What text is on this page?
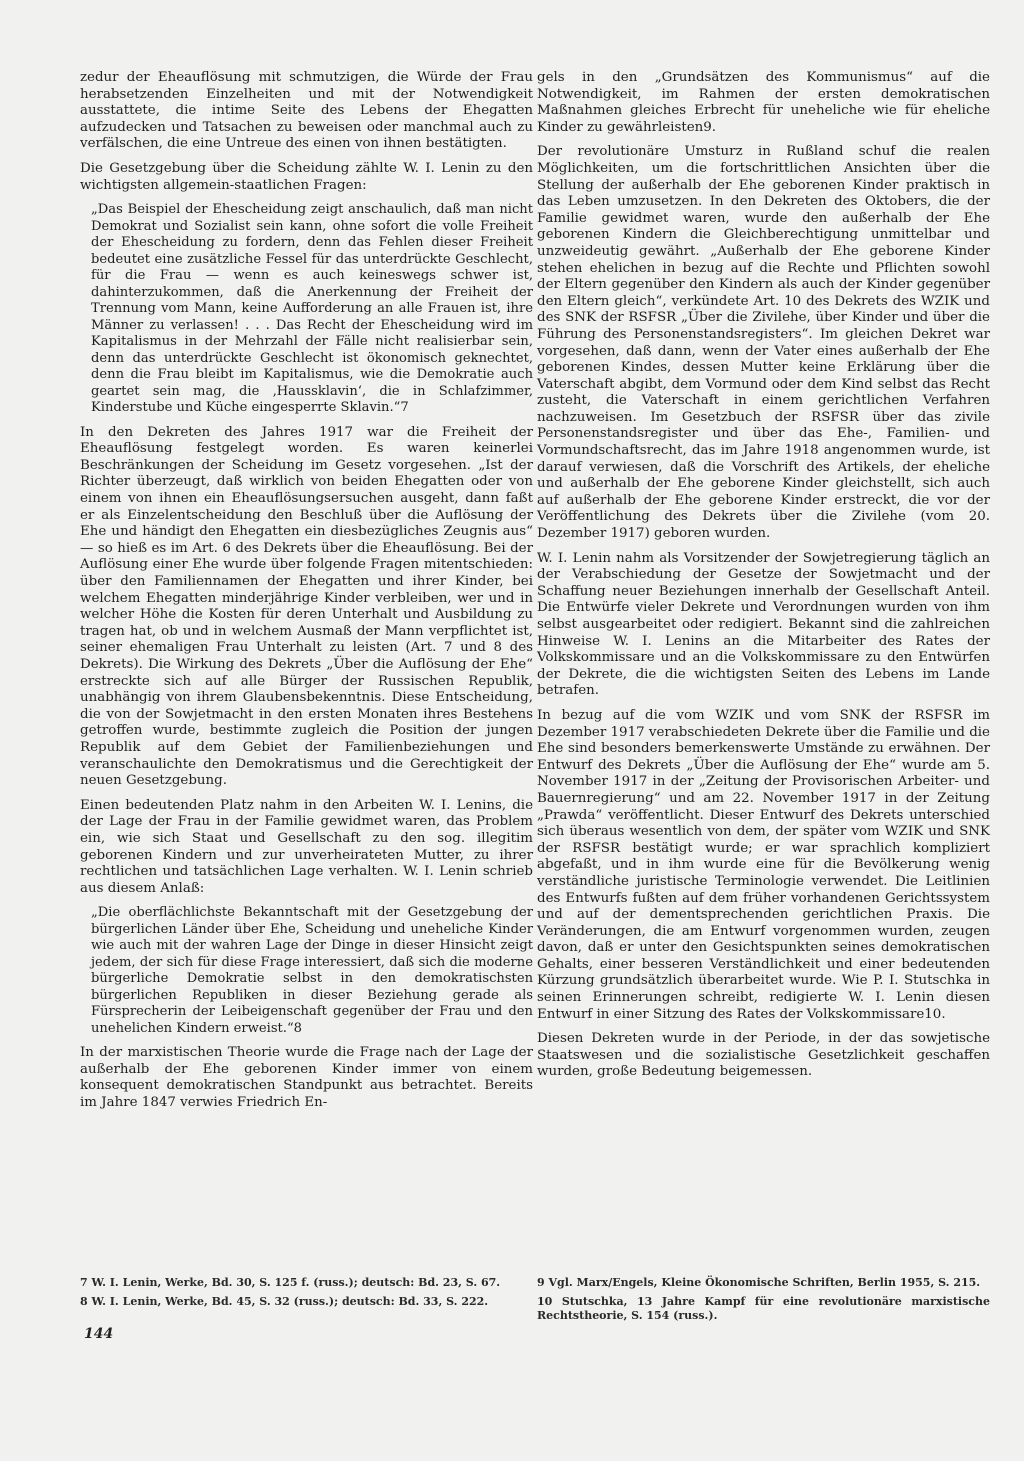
zedur der Eheauflösung mit schmutzigen, die Würde der Frau herabsetzenden Einzelheiten und mit der Notwendigkeit ausstattete, die intime Seite des Lebens der Ehegatten aufzudecken und Tatsachen zu beweisen oder manchmal auch zu verfälschen, die eine Untreue des einen von ihnen bestätigten.

Die Gesetzgebung über die Scheidung zählte W. I. Lenin zu den wichtigsten allgemein-staatlichen Fragen:

„Das Beispiel der Ehescheidung zeigt anschaulich, daß man nicht Demokrat und Sozialist sein kann, ohne sofort die volle Freiheit der Ehescheidung zu fordern, denn das Fehlen dieser Freiheit bedeutet eine zusätzliche Fessel für das unterdrückte Geschlecht, für die Frau — wenn es auch keineswegs schwer ist, dahinterzukommen, daß die Anerkennung der Freiheit der Trennung vom Mann, keine Aufforderung an alle Frauen ist, ihre Männer zu verlassen! . . . Das Recht der Ehescheidung wird im Kapitalismus in der Mehrzahl der Fälle nicht realisierbar sein, denn das unterdrückte Geschlecht ist ökonomisch geknechtet, denn die Frau bleibt im Kapitalismus, wie die Demokratie auch geartet sein mag, die ‚Haussklavin‘, die in Schlafzimmer, Kinderstube und Küche eingesperrte Sklavin.“7

In den Dekreten des Jahres 1917 war die Freiheit der Eheauflösung festgelegt worden. Es waren keinerlei Beschränkungen der Scheidung im Gesetz vorgesehen. „Ist der Richter überzeugt, daß wirklich von beiden Ehegatten oder von einem von ihnen ein Eheauflösungsersuchen ausgeht, dann faßt er als Einzelentscheidung den Beschluß über die Auflösung der Ehe und händigt den Ehegatten ein diesbezügliches Zeugnis aus“ — so hieß es im Art. 6 des Dekrets über die Eheauflösung. Bei der Auflösung einer Ehe wurde über folgende Fragen mitentschieden: über den Familiennamen der Ehegatten und ihrer Kinder, bei welchem Ehegatten minderjährige Kinder verbleiben, wer und in welcher Höhe die Kosten für deren Unterhalt und Ausbildung zu tragen hat, ob und in welchem Ausmaß der Mann verpflichtet ist, seiner ehemaligen Frau Unterhalt zu leisten (Art. 7 und 8 des Dekrets). Die Wirkung des Dekrets „Über die Auflösung der Ehe“ erstreckte sich auf alle Bürger der Russischen Republik, unabhängig von ihrem Glaubensbekenntnis. Diese Entscheidung, die von der Sowjetmacht in den ersten Monaten ihres Bestehens getroffen wurde, bestimmte zugleich die Position der jungen Republik auf dem Gebiet der Familienbeziehungen und veranschaulichte den Demokratismus und die Gerechtigkeit der neuen Gesetzgebung.

Einen bedeutenden Platz nahm in den Arbeiten W. I. Lenins, die der Lage der Frau in der Familie gewidmet waren, das Problem ein, wie sich Staat und Gesellschaft zu den sog. illegitim geborenen Kindern und zur unverheirateten Mutter, zu ihrer rechtlichen und tatsächlichen Lage verhalten. W. I. Lenin schrieb aus diesem Anlaß:

„Die oberflächlichste Bekanntschaft mit der Gesetzgebung der bürgerlichen Länder über Ehe, Scheidung und uneheliche Kinder wie auch mit der wahren Lage der Dinge in dieser Hinsicht zeigt jedem, der sich für diese Frage interessiert, daß sich die moderne bürgerliche Demokratie selbst in den demokratischsten bürgerlichen Republiken in dieser Beziehung gerade als Fürsprecherin der Leibeigenschaft gegenüber der Frau und den unehelichen Kindern erweist.“8

In der marxistischen Theorie wurde die Frage nach der Lage der außerhalb der Ehe geborenen Kinder immer von einem konsequent demokratischen Standpunkt aus betrachtet. Bereits im Jahre 1847 verwies Friedrich En-

gels in den „Grundsätzen des Kommunismus“ auf die Notwendigkeit, im Rahmen der ersten demokratischen Maßnahmen gleiches Erbrecht für uneheliche wie für eheliche Kinder zu gewährleisten9.

Der revolutionäre Umsturz in Rußland schuf die realen Möglichkeiten, um die fortschrittlichen Ansichten über die Stellung der außerhalb der Ehe geborenen Kinder praktisch in das Leben umzusetzen. In den Dekreten des Oktobers, die der Familie gewidmet waren, wurde den außerhalb der Ehe geborenen Kindern die Gleichberechtigung unmittelbar und unzweideutig gewährt. „Außerhalb der Ehe geborene Kinder stehen ehelichen in bezug auf die Rechte und Pflichten sowohl der Eltern gegenüber den Kindern als auch der Kinder gegenüber den Eltern gleich“, verkündete Art. 10 des Dekrets des WZIK und des SNK der RSFSR „Über die Zivilehe, über Kinder und über die Führung des Personenstandsregisters“. Im gleichen Dekret war vorgesehen, daß dann, wenn der Vater eines außerhalb der Ehe geborenen Kindes, dessen Mutter keine Erklärung über die Vaterschaft abgibt, dem Vormund oder dem Kind selbst das Recht zusteht, die Vaterschaft in einem gerichtlichen Verfahren nachzuweisen. Im Gesetzbuch der RSFSR über das zivile Personenstandsregister und über das Ehe-, Familien- und Vormundschaftsrecht, das im Jahre 1918 angenommen wurde, ist darauf verwiesen, daß die Vorschrift des Artikels, der eheliche und außerhalb der Ehe geborene Kinder gleichstellt, sich auch auf außerhalb der Ehe geborene Kinder erstreckt, die vor der Veröffentlichung des Dekrets über die Zivilehe (vom 20. Dezember 1917) geboren wurden.

W. I. Lenin nahm als Vorsitzender der Sowjetregierung täglich an der Verabschiedung der Gesetze der Sowjetmacht und der Schaffung neuer Beziehungen innerhalb der Gesellschaft Anteil. Die Entwürfe vieler Dekrete und Verordnungen wurden von ihm selbst ausgearbeitet oder redigiert. Bekannt sind die zahlreichen Hinweise W. I. Lenins an die Mitarbeiter des Rates der Volkskommissare und an die Volkskommissare zu den Entwürfen der Dekrete, die die wichtigsten Seiten des Lebens im Lande betrafen.

In bezug auf die vom WZIK und vom SNK der RSFSR im Dezember 1917 verabschiedeten Dekrete über die Familie und die Ehe sind besonders bemerkenswerte Umstände zu erwähnen. Der Entwurf des Dekrets „Über die Auflösung der Ehe“ wurde am 5. November 1917 in der „Zeitung der Provisorischen Arbeiter- und Bauernregierung“ und am 22. November 1917 in der Zeitung „Prawda“ veröffentlicht. Dieser Entwurf des Dekrets unterschied sich überaus wesentlich von dem, der später vom WZIK und SNK der RSFSR bestätigt wurde; er war sprachlich kompliziert abgefaßt, und in ihm wurde eine für die Bevölkerung wenig verständliche juristische Terminologie verwendet. Die Leitlinien des Entwurfs fußten auf dem früher vorhandenen Gerichtssystem und auf der dementsprechenden gerichtlichen Praxis. Die Veränderungen, die am Entwurf vorgenommen wurden, zeugen davon, daß er unter den Gesichtspunkten seines demokratischen Gehalts, einer besseren Verständlichkeit und einer bedeutenden Kürzung grundsätzlich überarbeitet wurde. Wie P. I. Stutschka in seinen Erinnerungen schreibt, redigierte W. I. Lenin diesen Entwurf in einer Sitzung des Rates der Volkskommissare10.

Diesen Dekreten wurde in der Periode, in der das sowjetische Staatswesen und die sozialistische Gesetzlichkeit geschaffen wurden, große Bedeutung beigemessen.

7 W. I. Lenin, Werke, Bd. 30, S. 125 f. (russ.); deutsch: Bd. 23, S. 67.

8 W. I. Lenin, Werke, Bd. 45, S. 32 (russ.); deutsch: Bd. 33, S. 222.

9 Vgl. Marx/Engels, Kleine Ökonomische Schriften, Berlin 1955, S. 215.

10 Stutschka, 13 Jahre Kampf für eine revolutionäre marxistische Rechtstheorie, S. 154 (russ.).

144
